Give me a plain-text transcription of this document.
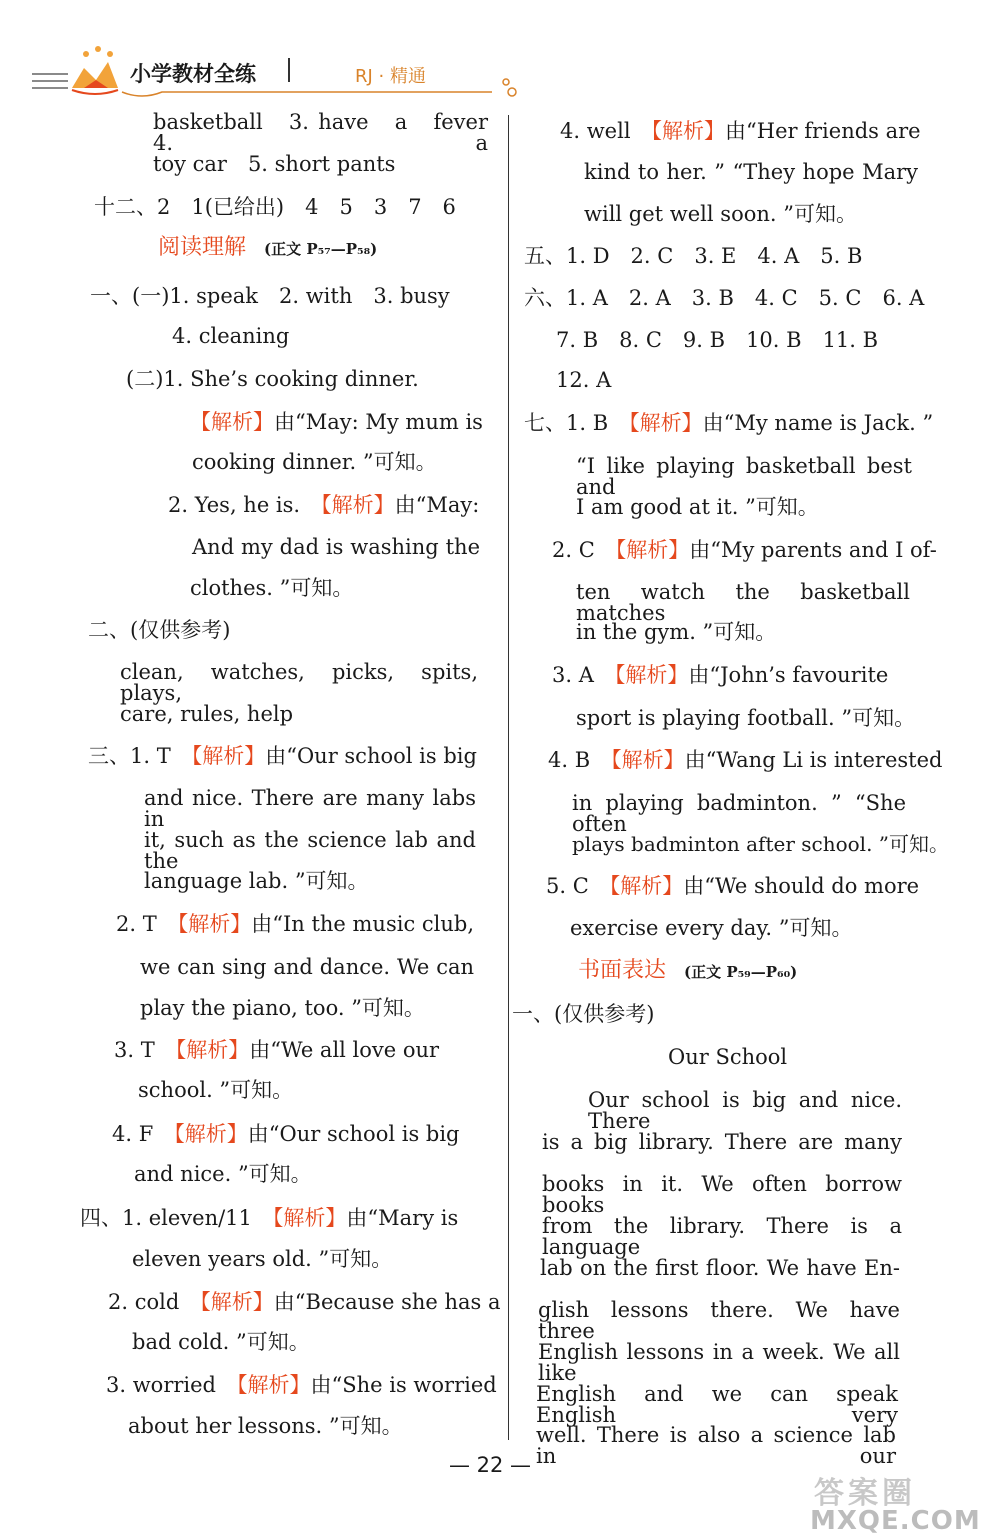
小学教材全练	RJ · 精通
basketball　3. have　a　fever　4. a
toy car　5. short pants
十二、2　1(已给出)　4　5　3　7　6
阅读理解 (正文 P₅₇—P₅₈)
一、(一)1. speak　2. with　3. busy
4. cleaning
(二)1. She’s cooking dinner.
【解析】由“May: My mum is
cooking dinner. ”可知。
2. Yes, he is.　 【解析】由“May:
And my dad is washing the
clothes. ”可知。
二、(仅供参考)
clean, watches, picks, spits, plays,
care, rules, help
三、1. T　 【解析】由“Our school is big
and nice. There are many labs in
it, such as the science lab and the
language lab. ”可知。
2. T　 【解析】由“In the music club,
we can sing and dance. We can
play the piano, too. ”可知。
3. T　 【解析】由“We all love our
school. ”可知。
4. F　 【解析】由“Our school is big
and nice. ”可知。
四、1. eleven/11　 【解析】由“Mary is
eleven years old. ”可知。
2. cold　 【解析】由“Because she has a
bad cold. ”可知。
3. worried　 【解析】由“She is worried
about her lessons. ”可知。
4. well　 【解析】由“Her friends are
kind to her. ” “They hope Mary
will get well soon. ”可知。
五、1. D　2. C　3. E　4. A　5. B
六、1. A　2. A　3. B　4. C　5. C　6. A
7. B　8. C　9. B　10. B　11. B
12. A
七、1. B　 【解析】由“My name is Jack. ”
“I like playing basketball best and
I am good at it. ”可知。
2. C　 【解析】由“My parents and I of-
ten watch the basketball matches
in the gym. ”可知。
3. A　 【解析】由“John’s favourite
sport is playing football. ”可知。
4. B　 【解析】由“Wang Li is interested
in playing badminton. ” “She often
plays badminton after school. ”可知。
5. C　 【解析】由“We should do more
exercise every day. ”可知。
书面表达 (正文 P₅₉—P₆₀)
一、(仅供参考)
Our School
Our school is big and nice. There
is a big library. There are many
books in it. We often borrow books
from the library. There is a language
lab on the first floor. We have En-
glish lessons there. We have three
English lessons in a week. We all like
English and we can speak English very
well. There is also a science lab in our
— 22 —
答案圈
MXQE.COM
